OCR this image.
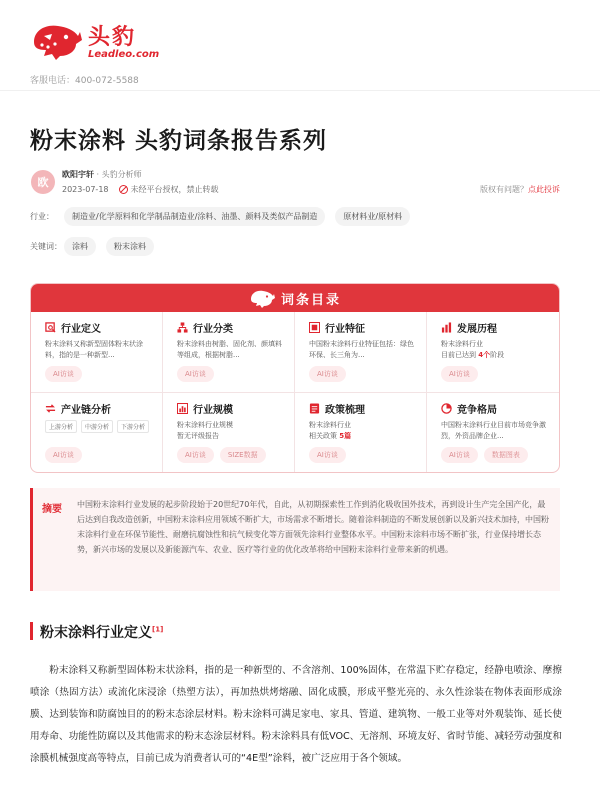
头豹
Leadleo.com
客服电话：400-072-5588
粉末涂料 头豹词条报告系列
欧
欧阳宇轩 · 头豹分析师
2023-07-18	未经平台授权，禁止转载	版权有问题？点此投诉
行业：	制造业/化学原料和化学制品制造业/涂料、油墨、颜料及类似产品制造	原材料业/原材料
关键词：	涂料	粉末涂料
词条目录
行业定义
粉末涂料又称新型固体粉末状涂料，指的是一种新型...
AI访谈
行业分类
粉末涂料由树脂、固化剂、颜填料等组成，根据树脂...
AI访谈
行业特征
中国粉末涂料行业特征包括：绿色环保、长三角为...
AI访谈
发展历程
粉末涂料行业
目前已达到 4个阶段
AI访谈
产业链分析
上游分析	中游分析	下游分析
AI访谈
行业规模
粉末涂料行业规模
暂无评级报告
AI访谈	SIZE数据
政策梳理
粉末涂料行业
相关政策 5篇
AI访谈
竞争格局
中国粉末涂料行业目前市场竞争激烈，外资品牌企业...
AI访谈	数据图表
摘要 中国粉末涂料行业发展的起步阶段始于20世纪70年代，自此，从初期探索性工作到消化吸收国外技术，再到设计生产完全国产化，最后达到自我改造创新，中国粉末涂料应用领域不断扩大，市场需求不断增长。随着涂料制造的不断发展创新以及新兴技术加持，中国粉末涂料行业在环保节能性、耐磨抗腐蚀性和抗气候变化等方面领先涂料行业整体水平。中国粉末涂料市场不断扩张，行业保持增长态势，新兴市场的发展以及新能源汽车、农业、医疗等行业的优化改革将给中国粉末涂料行业带来新的机遇。
粉末涂料行业定义[1]
粉末涂料又称新型固体粉末状涂料，指的是一种新型的、不含溶剂、100%固体，在常温下贮存稳定，经静电喷涂、摩擦喷涂（热固方法）或流化床浸涂（热塑方法），再加热烘烤熔融、固化成膜，形成平整光亮的、永久性涂装在物体表面形成涂膜、达到装饰和防腐蚀目的的粉末态涂层材料。粉末涂料可满足家电、家具、管道、建筑物、一般工业等对外观装饰、延长使用寿命、功能性防腐以及其他需求的粉末态涂层材料。粉末涂料具有低VOC、无溶剂、环境友好、省时节能、减轻劳动强度和涂膜机械强度高等特点，目前已成为消费者认可的“4E型”涂料，被广泛应用于各个领域。
